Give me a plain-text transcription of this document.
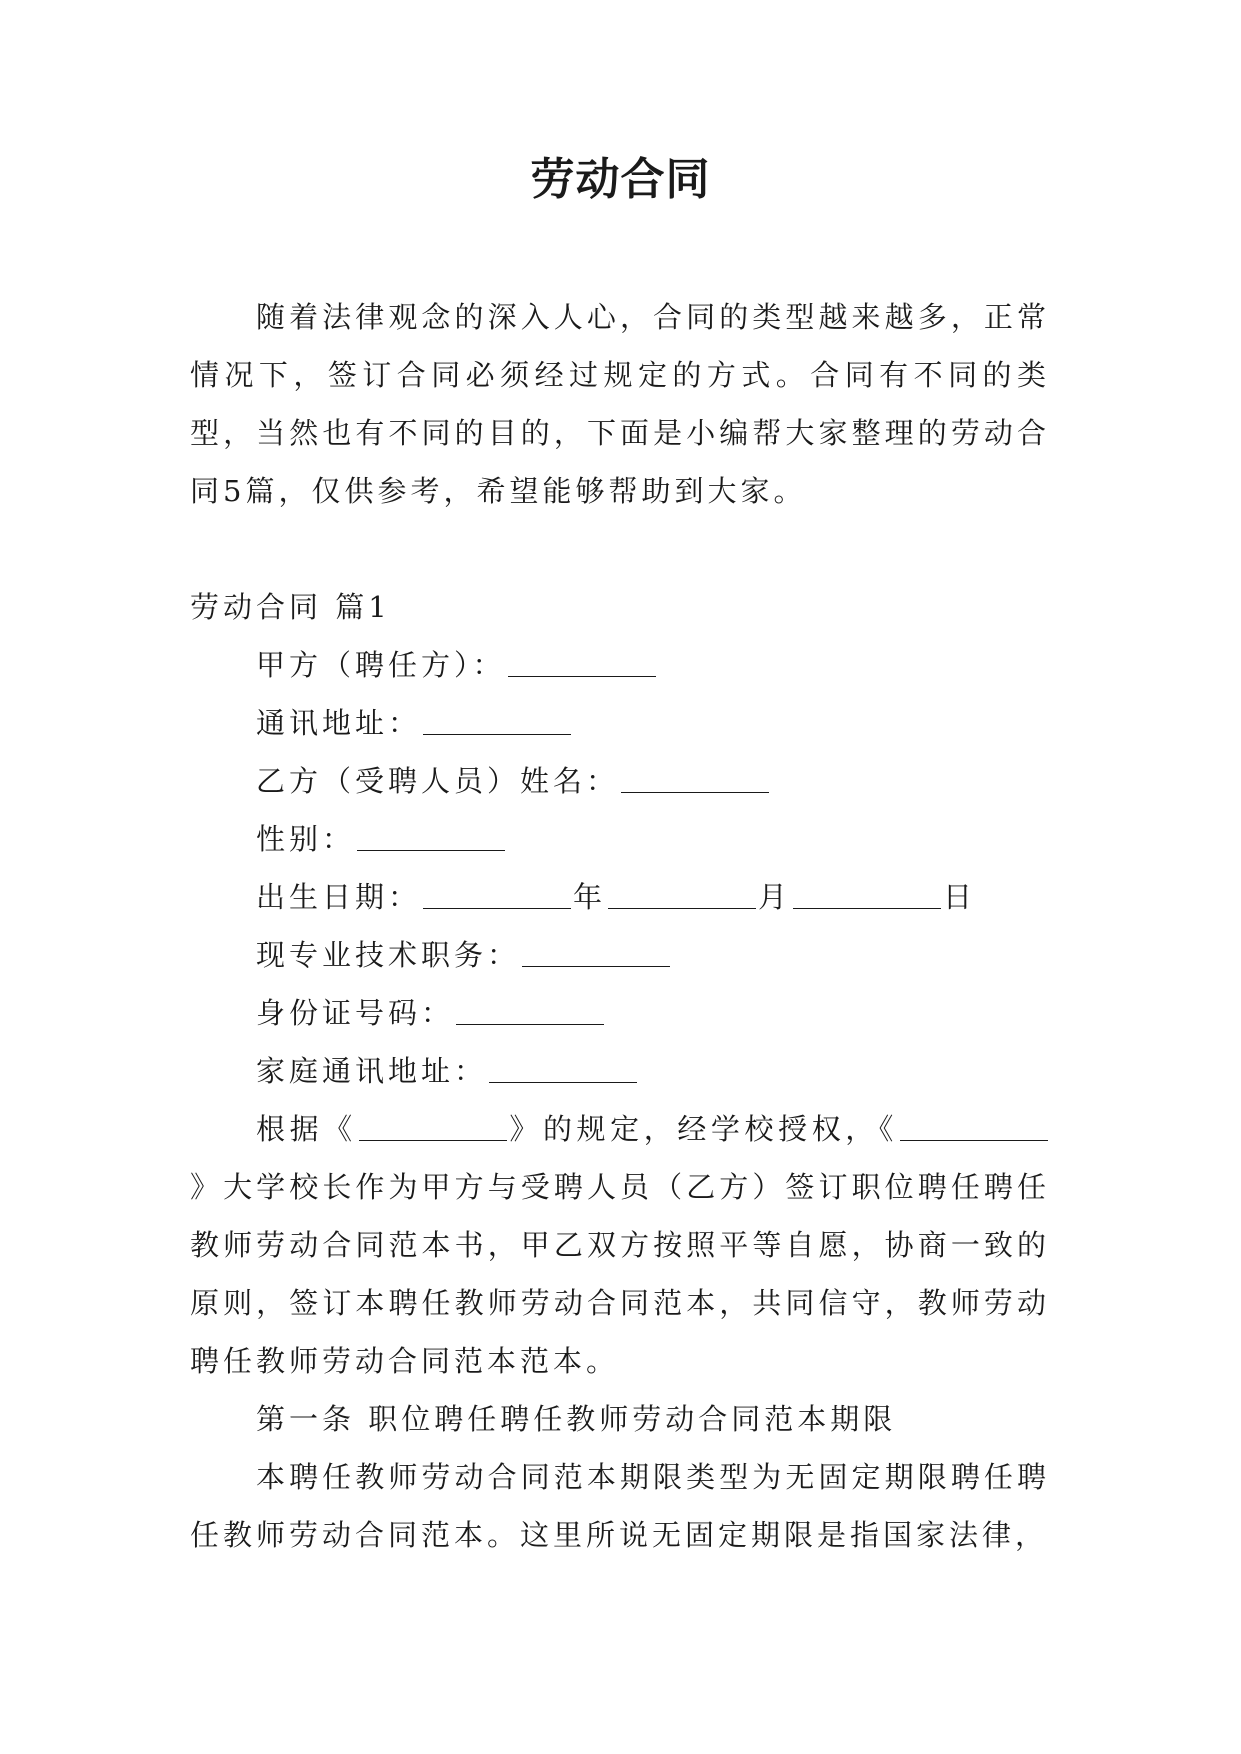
劳动合同

随着法律观念的深入人心，合同的类型越来越多，正常情况下，签订合同必须经过规定的方式。合同有不同的类型，当然也有不同的目的，下面是小编帮大家整理的劳动合同5篇，仅供参考，希望能够帮助到大家。

劳动合同 篇1

甲方（聘任方）：

通讯地址：

乙方（受聘人员）姓名：

性别：

出生日期：	年	月	日

现专业技术职务：

身份证号码：

家庭通讯地址：

根据《	》的规定，经学校授权，《》大学校长作为甲方与受聘人员（乙方）签订职位聘任聘任教师劳动合同范本书，甲乙双方按照平等自愿，协商一致的原则，签订本聘任教师劳动合同范本，共同信守，教师劳动聘任教师劳动合同范本范本。

第一条 职位聘任聘任教师劳动合同范本期限

本聘任教师劳动合同范本期限类型为无固定期限聘任聘任教师劳动合同范本。这里所说无固定期限是指国家法律，
